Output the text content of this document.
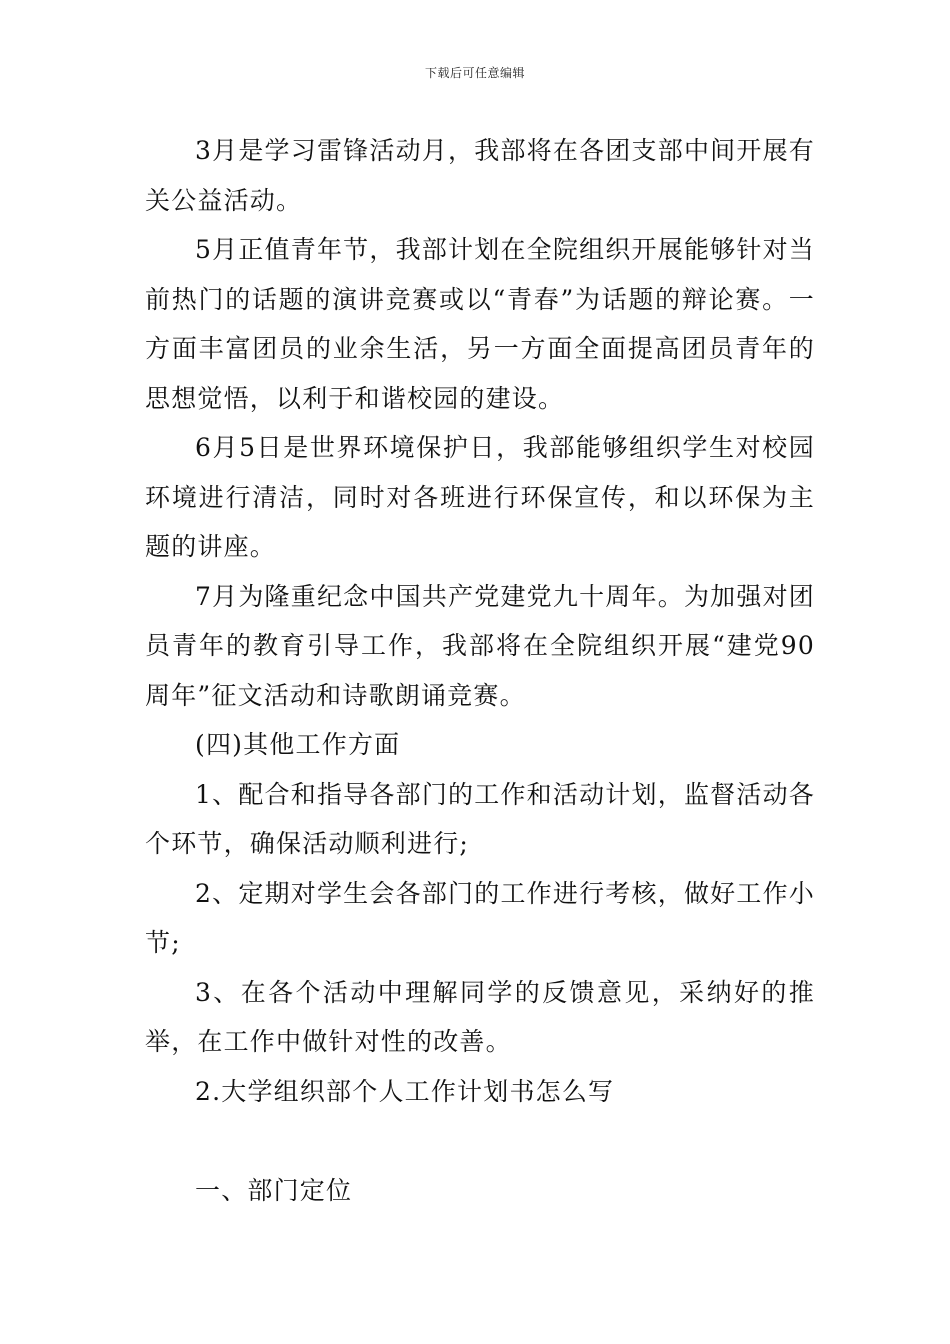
下载后可任意编辑

3月是学习雷锋活动月，我部将在各团支部中间开展有关公益活动。

5月正值青年节，我部计划在全院组织开展能够针对当前热门的话题的演讲竞赛或以“青春”为话题的辩论赛。一方面丰富团员的业余生活，另一方面全面提高团员青年的思想觉悟，以利于和谐校园的建设。

6月5日是世界环境保护日，我部能够组织学生对校园环境进行清洁，同时对各班进行环保宣传，和以环保为主题的讲座。

7月为隆重纪念中国共产党建党九十周年。为加强对团员青年的教育引导工作，我部将在全院组织开展“建党90周年”征文活动和诗歌朗诵竞赛。

(四)其他工作方面

1、配合和指导各部门的工作和活动计划，监督活动各个环节，确保活动顺利进行;

2、定期对学生会各部门的工作进行考核，做好工作小节;

3、在各个活动中理解同学的反馈意见，采纳好的推举，在工作中做针对性的改善。

2.大学组织部个人工作计划书怎么写

一、部门定位
